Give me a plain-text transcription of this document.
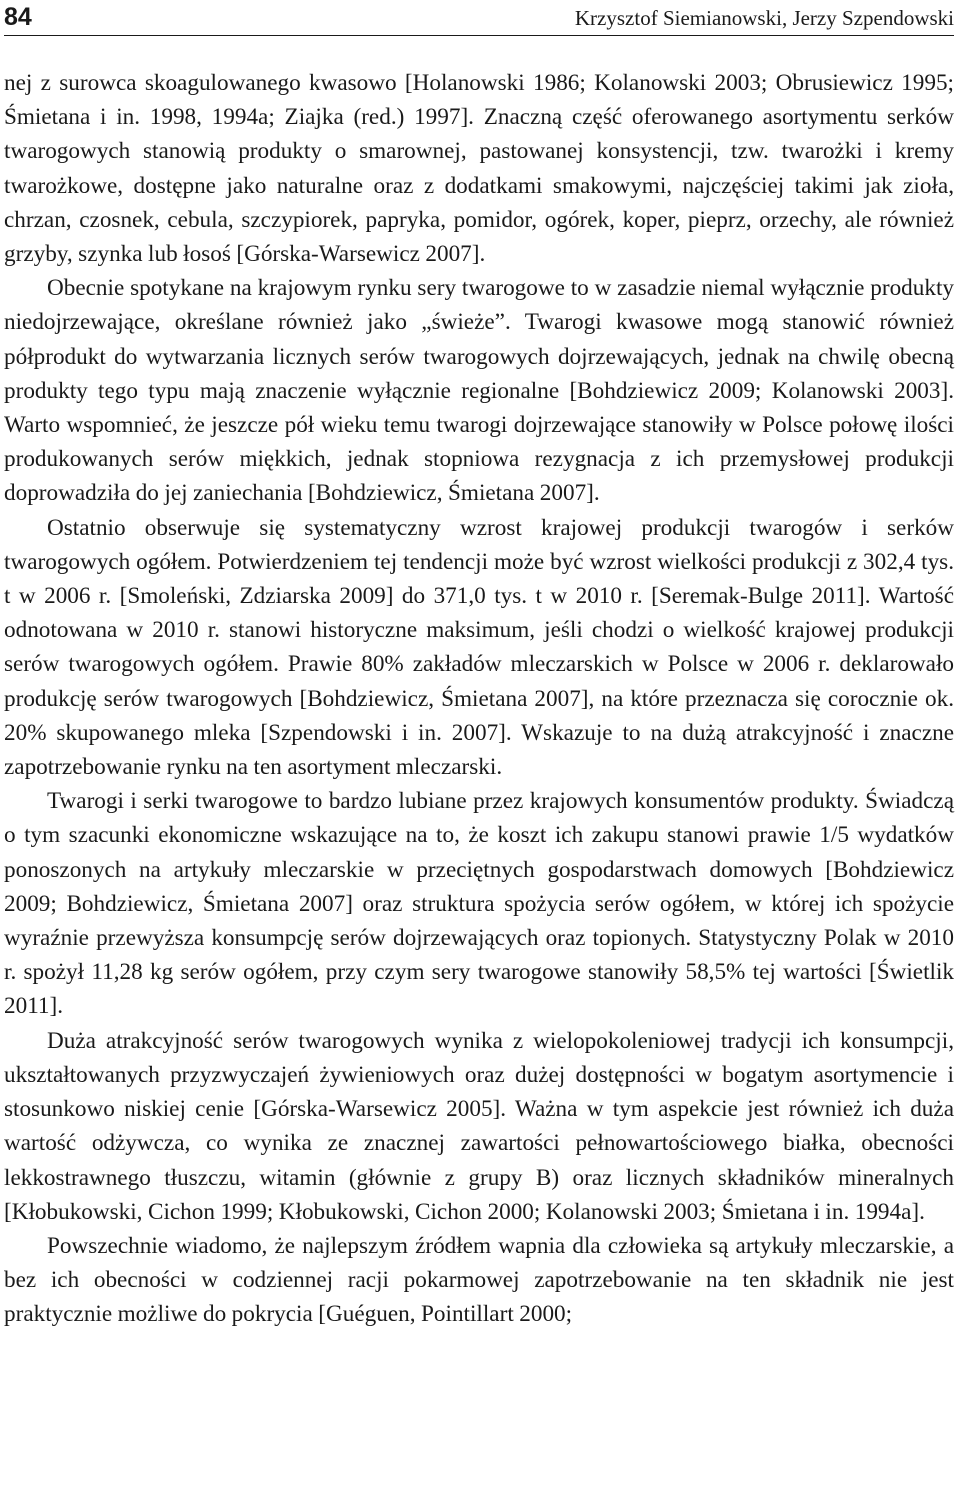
84	Krzysztof Siemianowski, Jerzy Szpendowski

nej z surowca skoagulowanego kwasowo [Holanowski 1986; Kolanowski 2003; Obrusiewicz 1995; Śmietana i in. 1998, 1994a; Ziajka (red.) 1997]. Znaczną część oferowanego asortymentu serków twarogowych stanowią produkty o smarownej, pastowanej konsystencji, tzw. twarożki i kremy twarożkowe, dostępne jako naturalne oraz z dodatkami smakowymi, najczęściej takimi jak zioła, chrzan, czosnek, cebula, szczypiorek, papryka, pomidor, ogórek, koper, pieprz, orzechy, ale również grzyby, szynka lub łosoś [Górska-Warsewicz 2007].

Obecnie spotykane na krajowym rynku sery twarogowe to w zasadzie niemal wyłącznie produkty niedojrzewające, określane również jako „świeże”. Twarogi kwasowe mogą stanowić również półprodukt do wytwarzania licznych serów twarogowych dojrzewających, jednak na chwilę obecną produkty tego typu mają znaczenie wyłącznie regionalne [Bohdziewicz 2009; Kolanowski 2003]. Warto wspomnieć, że jeszcze pół wieku temu twarogi dojrzewające stanowiły w Polsce połowę ilości produkowanych serów miękkich, jednak stopniowa rezygnacja z ich przemysłowej produkcji doprowadziła do jej zaniechania [Bohdziewicz, Śmietana 2007].

Ostatnio obserwuje się systematyczny wzrost krajowej produkcji twarogów i serków twarogowych ogółem. Potwierdzeniem tej tendencji może być wzrost wielkości produkcji z 302,4 tys. t w 2006 r. [Smoleński, Zdziarska 2009] do 371,0 tys. t w 2010 r. [Seremak-Bulge 2011]. Wartość odnotowana w 2010 r. stanowi historyczne maksimum, jeśli chodzi o wielkość krajowej produkcji serów twarogowych ogółem. Prawie 80% zakładów mleczarskich w Polsce w 2006 r. deklarowało produkcję serów twarogowych [Bohdziewicz, Śmietana 2007], na które przeznacza się corocznie ok. 20% skupowanego mleka [Szpendowski i in. 2007]. Wskazuje to na dużą atrakcyjność i znaczne zapotrzebowanie rynku na ten asortyment mleczarski.

Twarogi i serki twarogowe to bardzo lubiane przez krajowych konsumentów produkty. Świadczą o tym szacunki ekonomiczne wskazujące na to, że koszt ich zakupu stanowi prawie 1/5 wydatków ponoszonych na artykuły mleczarskie w przeciętnych gospodarstwach domowych [Bohdziewicz 2009; Bohdziewicz, Śmietana 2007] oraz struktura spożycia serów ogółem, w której ich spożycie wyraźnie przewyższa konsumpcję serów dojrzewających oraz topionych. Statystyczny Polak w 2010 r. spożył 11,28 kg serów ogółem, przy czym sery twarogowe stanowiły 58,5% tej wartości [Świetlik 2011].

Duża atrakcyjność serów twarogowych wynika z wielopokoleniowej tradycji ich konsumpcji, ukształtowanych przyzwyczajeń żywieniowych oraz dużej dostępności w bogatym asortymencie i stosunkowo niskiej cenie [Górska-Warsewicz 2005]. Ważna w tym aspekcie jest również ich duża wartość odżywcza, co wynika ze znacznej zawartości pełnowartościowego białka, obecności lekkostrawnego tłuszczu, witamin (głównie z grupy B) oraz licznych składników mineralnych [Kłobukowski, Cichon 1999; Kłobukowski, Cichon 2000; Kolanowski 2003; Śmietana i in. 1994a].

Powszechnie wiadomo, że najlepszym źródłem wapnia dla człowieka są artykuły mleczarskie, a bez ich obecności w codziennej racji pokarmowej zapotrzebowanie na ten składnik nie jest praktycznie możliwe do pokrycia [Guéguen, Pointillart 2000;
